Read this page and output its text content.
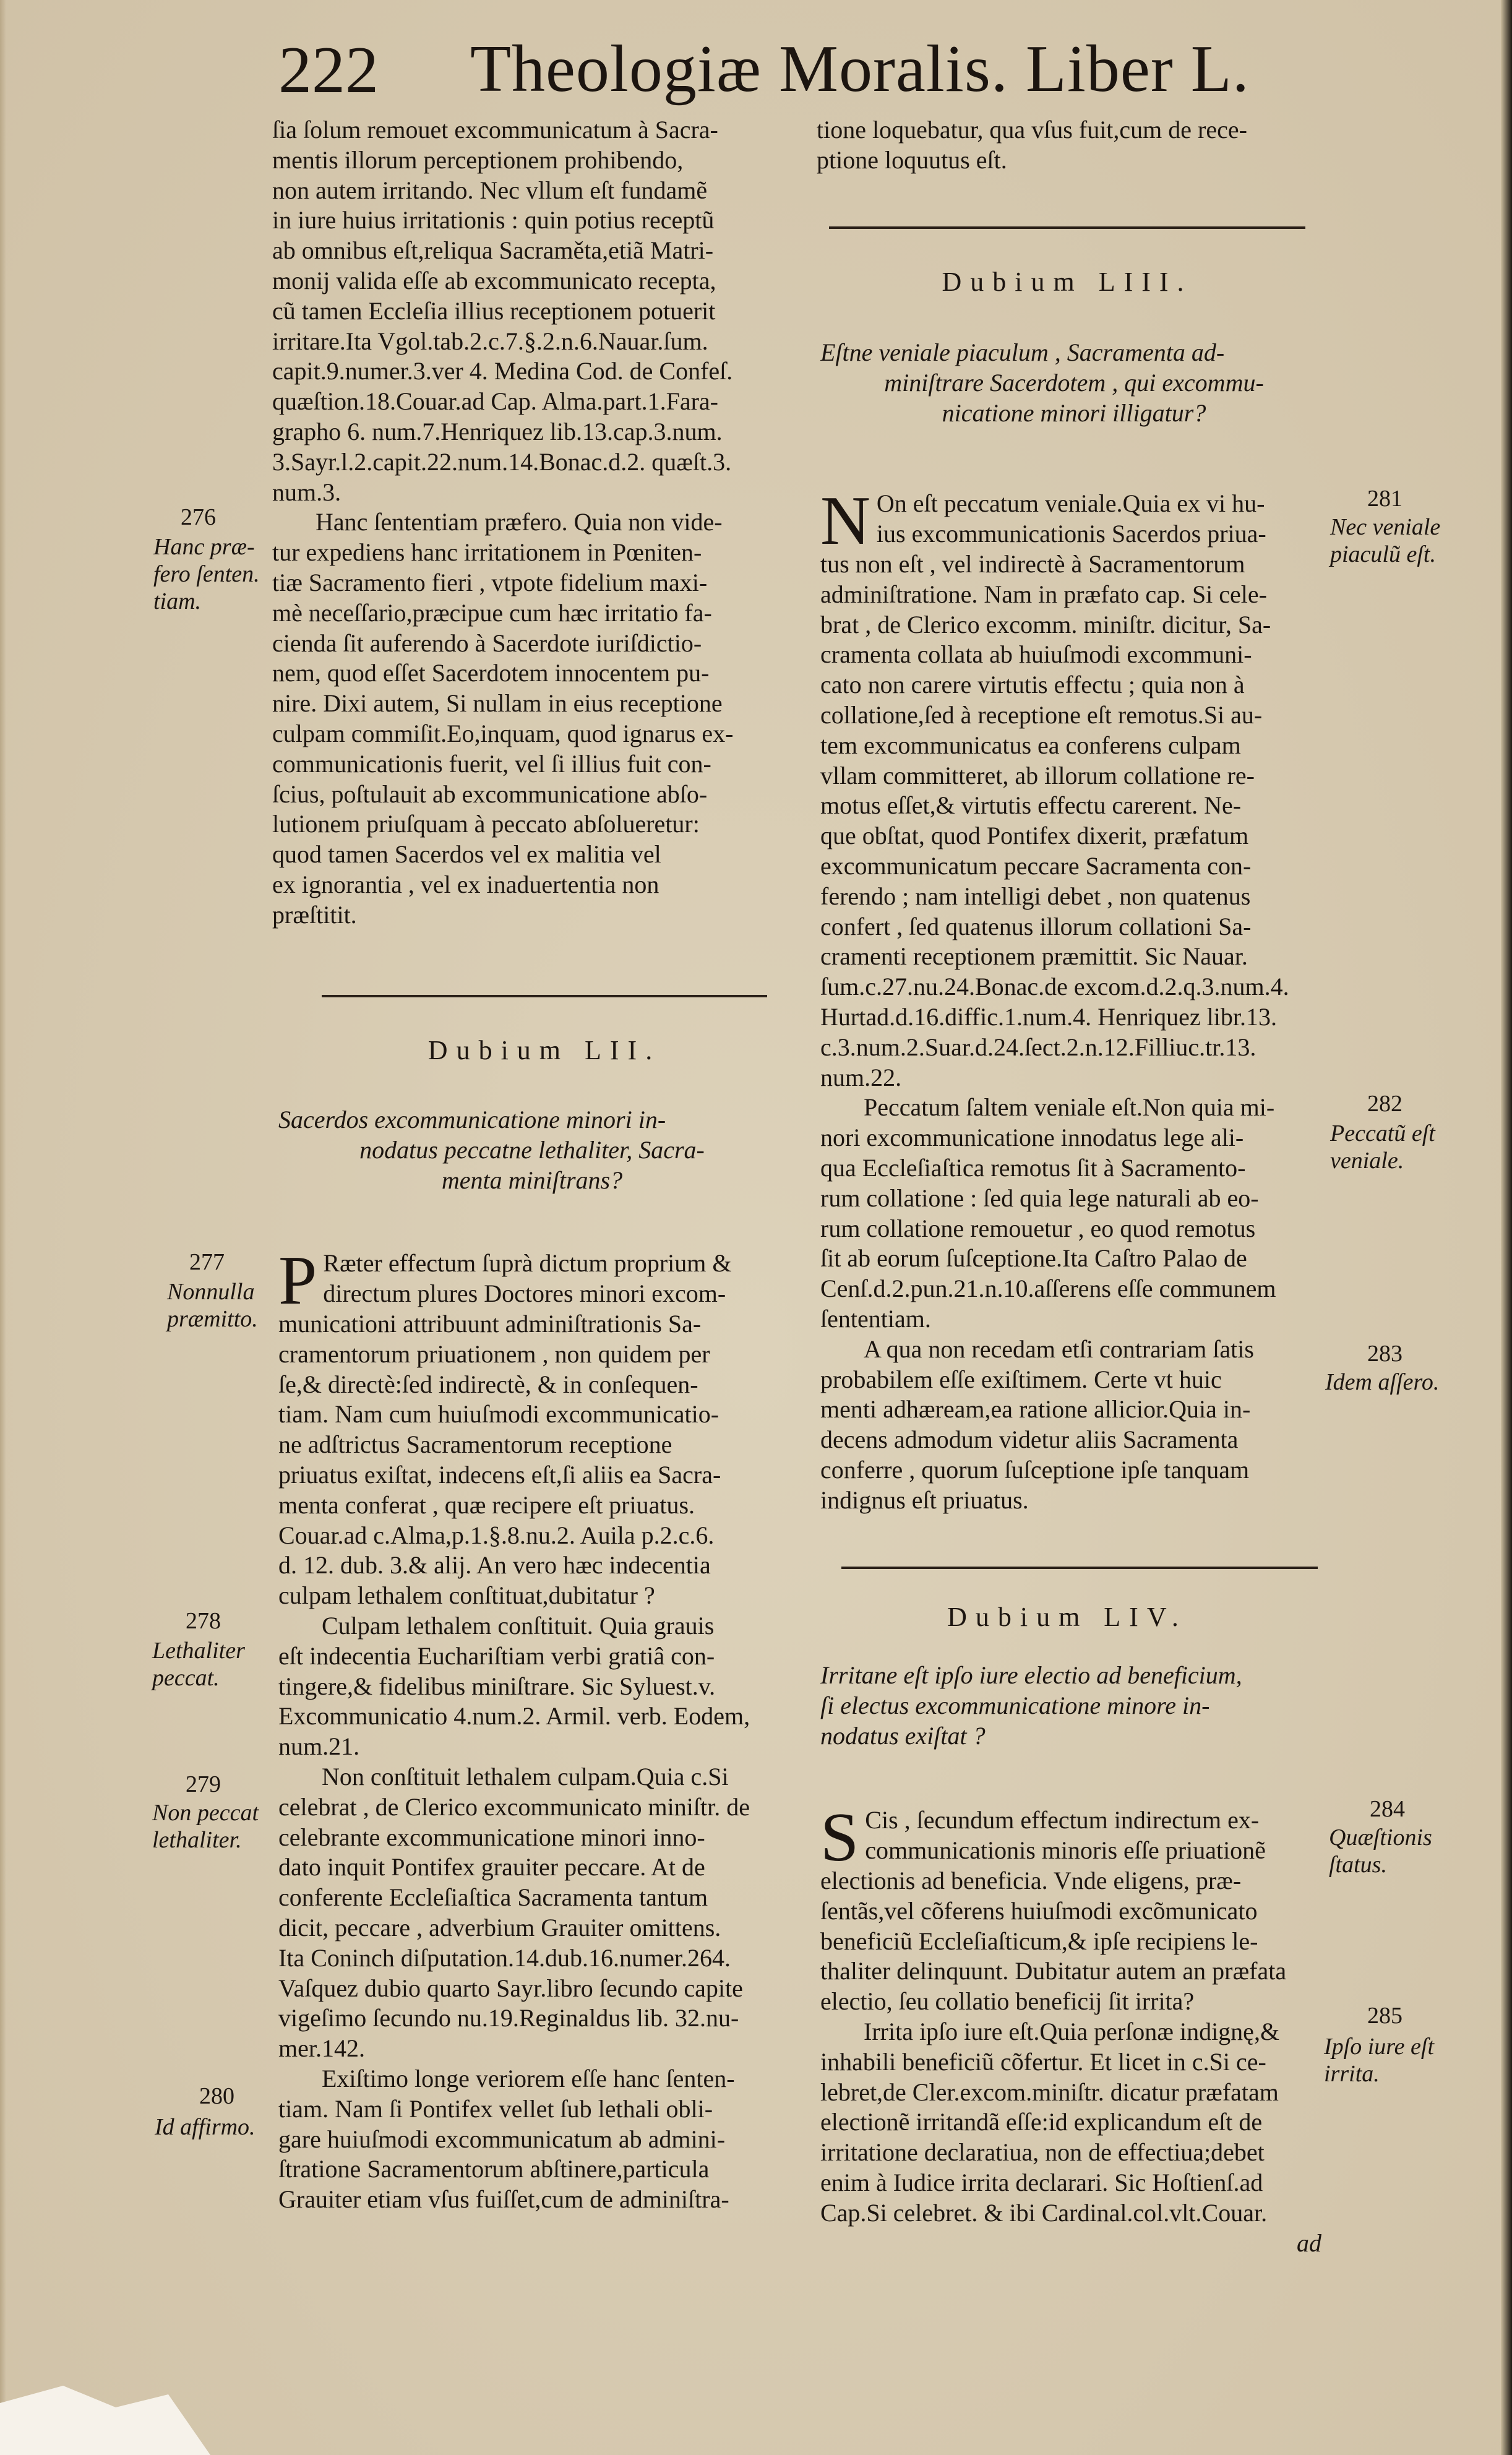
222 Theologiæ Moralis. Liber L.

ſia ſolum remouet excommunicatum à Sacra-

mentis illorum perceptionem prohibendo,

non autem irritando. Nec vllum eſt fundamẽ

in iure huius irritationis : quin potius receptũ

ab omnibus eſt,reliqua Sacraměta,etiã Matri-

monij valida eſſe ab excommunicato recepta,

cũ tamen Eccleſia illius receptionem potuerit

irritare.Ita Vgol.tab.2.c.7.§.2.n.6.Nauar.ſum.

capit.9.numer.3.ver 4. Medina Cod. de Confeſ.

quæſtion.18.Couar.ad Cap. Alma.part.1.Fara-

grapho 6. num.7.Henriquez lib.13.cap.3.num.

3.Sayr.l.2.capit.22.num.14.Bonac.d.2. quæſt.3.

num.3.

Hanc ſententiam præfero. Quia non vide-

tur expediens hanc irritationem in Pœniten-

tiæ Sacramento fieri , vtpote fidelium maxi-

mè neceſſario,præcipue cum hæc irritatio fa-

cienda ſit auferendo à Sacerdote iuriſdictio-

nem, quod eſſet Sacerdotem innocentem pu-

nire. Dixi autem, Si nullam in eius receptione

culpam commiſit.Eo,inquam, quod ignarus ex-

communicationis fuerit, vel ſi illius fuit con-

ſcius, poſtulauit ab excommunicatione abſo-

lutionem priuſquam à peccato abſolueretur:

quod tamen Sacerdos vel ex malitia vel

ex ignorantia , vel ex inaduertentia non

præſtitit.

Dubium LII.

Sacerdos excommunicatione minori in-

nodatus peccatne lethaliter, Sacra-

menta miniſtrans?

P Ræter effectum ſuprà dictum proprium &

directum plures Doctores minori excom-

municationi attribuunt adminiſtrationis Sa-

cramentorum priuationem , non quidem per

ſe,& directè:ſed indirectè, & in conſequen-

tiam. Nam cum huiuſmodi excommunicatio-

ne adſtrictus Sacramentorum receptione

priuatus exiſtat, indecens eſt,ſi aliis ea Sacra-

menta conferat , quæ recipere eſt priuatus.

Couar.ad c.Alma,p.1.§.8.nu.2. Auila p.2.c.6.

d. 12. dub. 3.& alij. An vero hæc indecentia

culpam lethalem conſtituat,dubitatur ?

Culpam lethalem conſtituit. Quia grauis

eſt indecentia Euchariſtiam verbi gratiâ con-

tingere,& fidelibus miniſtrare. Sic Syluest.v.

Excommunicatio 4.num.2. Armil. verb. Eodem,

num.21.

Non conſtituit lethalem culpam.Quia c.Si

celebrat , de Clerico excommunicato miniſtr. de

celebrante excommunicatione minori inno-

dato inquit Pontifex grauiter peccare. At de

conferente Eccleſiaſtica Sacramenta tantum

dicit, peccare , adverbium Grauiter omittens.

Ita Coninch diſputation.14.dub.16.numer.264.

Vaſquez dubio quarto Sayr.libro ſecundo capite

vigeſimo ſecundo nu.19.Reginaldus lib. 32.nu-

mer.142.

Exiſtimo longe veriorem eſſe hanc ſenten-

tiam. Nam ſi Pontifex vellet ſub lethali obli-

gare huiuſmodi excommunicatum ab admini-

ſtratione Sacramentorum abſtinere,particula

Grauiter etiam vſus fuiſſet,cum de adminiſtra-

tione loquebatur, qua vſus fuit,cum de rece-

ptione loquutus eſt.

Dubium LIII.

Eſtne veniale piaculum , Sacramenta ad-

miniſtrare Sacerdotem , qui excommu-

nicatione minori illigatur?

N On eſt peccatum veniale.Quia ex vi hu-

ius excommunicationis Sacerdos priua-

tus non eſt , vel indirectè à Sacramentorum

adminiſtratione. Nam in præfato cap. Si cele-

brat , de Clerico excomm. miniſtr. dicitur, Sa-

cramenta collata ab huiuſmodi excommuni-

cato non carere virtutis effectu ; quia non à

collatione,ſed à receptione eſt remotus.Si au-

tem excommunicatus ea conferens culpam

vllam committeret, ab illorum collatione re-

motus eſſet,& virtutis effectu carerent. Ne-

que obſtat, quod Pontifex dixerit, præfatum

excommunicatum peccare Sacramenta con-

ferendo ; nam intelligi debet , non quatenus

confert , ſed quatenus illorum collationi Sa-

cramenti receptionem præmittit. Sic Nauar.

ſum.c.27.nu.24.Bonac.de excom.d.2.q.3.num.4.

Hurtad.d.16.diffic.1.num.4. Henriquez libr.13.

c.3.num.2.Suar.d.24.ſect.2.n.12.Filliuc.tr.13.

num.22.

Peccatum ſaltem veniale eſt.Non quia mi-

nori excommunicatione innodatus lege ali-

qua Eccleſiaſtica remotus ſit à Sacramento-

rum collatione : ſed quia lege naturali ab eo-

rum collatione remouetur , eo quod remotus

ſit ab eorum ſuſceptione.Ita Caſtro Palao de

Cenſ.d.2.pun.21.n.10.aſſerens eſſe communem

ſententiam.

A qua non recedam etſi contrariam ſatis

probabilem eſſe exiſtimem. Certe vt huic

menti adhæream,ea ratione allicior.Quia in-

decens admodum videtur aliis Sacramenta

conferre , quorum ſuſceptione ipſe tanquam

indignus eſt priuatus.

Dubium LIV.

Irritane eſt ipſo iure electio ad beneficium,

ſi electus excommunicatione minore in-

nodatus exiſtat ?

S Cis , ſecundum effectum indirectum ex-

communicationis minoris eſſe priuationẽ

electionis ad beneficia. Vnde eligens, præ-

ſentãs,vel cõferens huiuſmodi excõmunicato

beneficiũ Eccleſiaſticum,& ipſe recipiens le-

thaliter delinquunt. Dubitatur autem an præfata

electio, ſeu collatio beneficij ſit irrita?

Irrita ipſo iure eſt.Quia perſonæ indignę,&

inhabili beneficiũ cõfertur. Et licet in c.Si ce-

lebret,de Cler.excom.miniſtr. dicatur præfatam

electionẽ irritandã eſſe:id explicandum eſt de

irritatione declaratiua, non de effectiua;debet

enim à Iudice irrita declarari. Sic Hoſtienſ.ad

Cap.Si celebret. & ibi Cardinal.col.vlt.Couar.

ad

276
Hanc præ-
fero ſenten.
tiam.
277
Nonnulla
præmitto.
278
Lethaliter
peccat.
279
Non peccat
lethaliter.
280
Id affirmo.
281
Nec veniale
piaculũ eſt.
282
Peccatũ eſt
veniale.
283
Idem aſſero.
284
Quæſtionis
ſtatus.
285
Ipſo iure eſt
irrita.
